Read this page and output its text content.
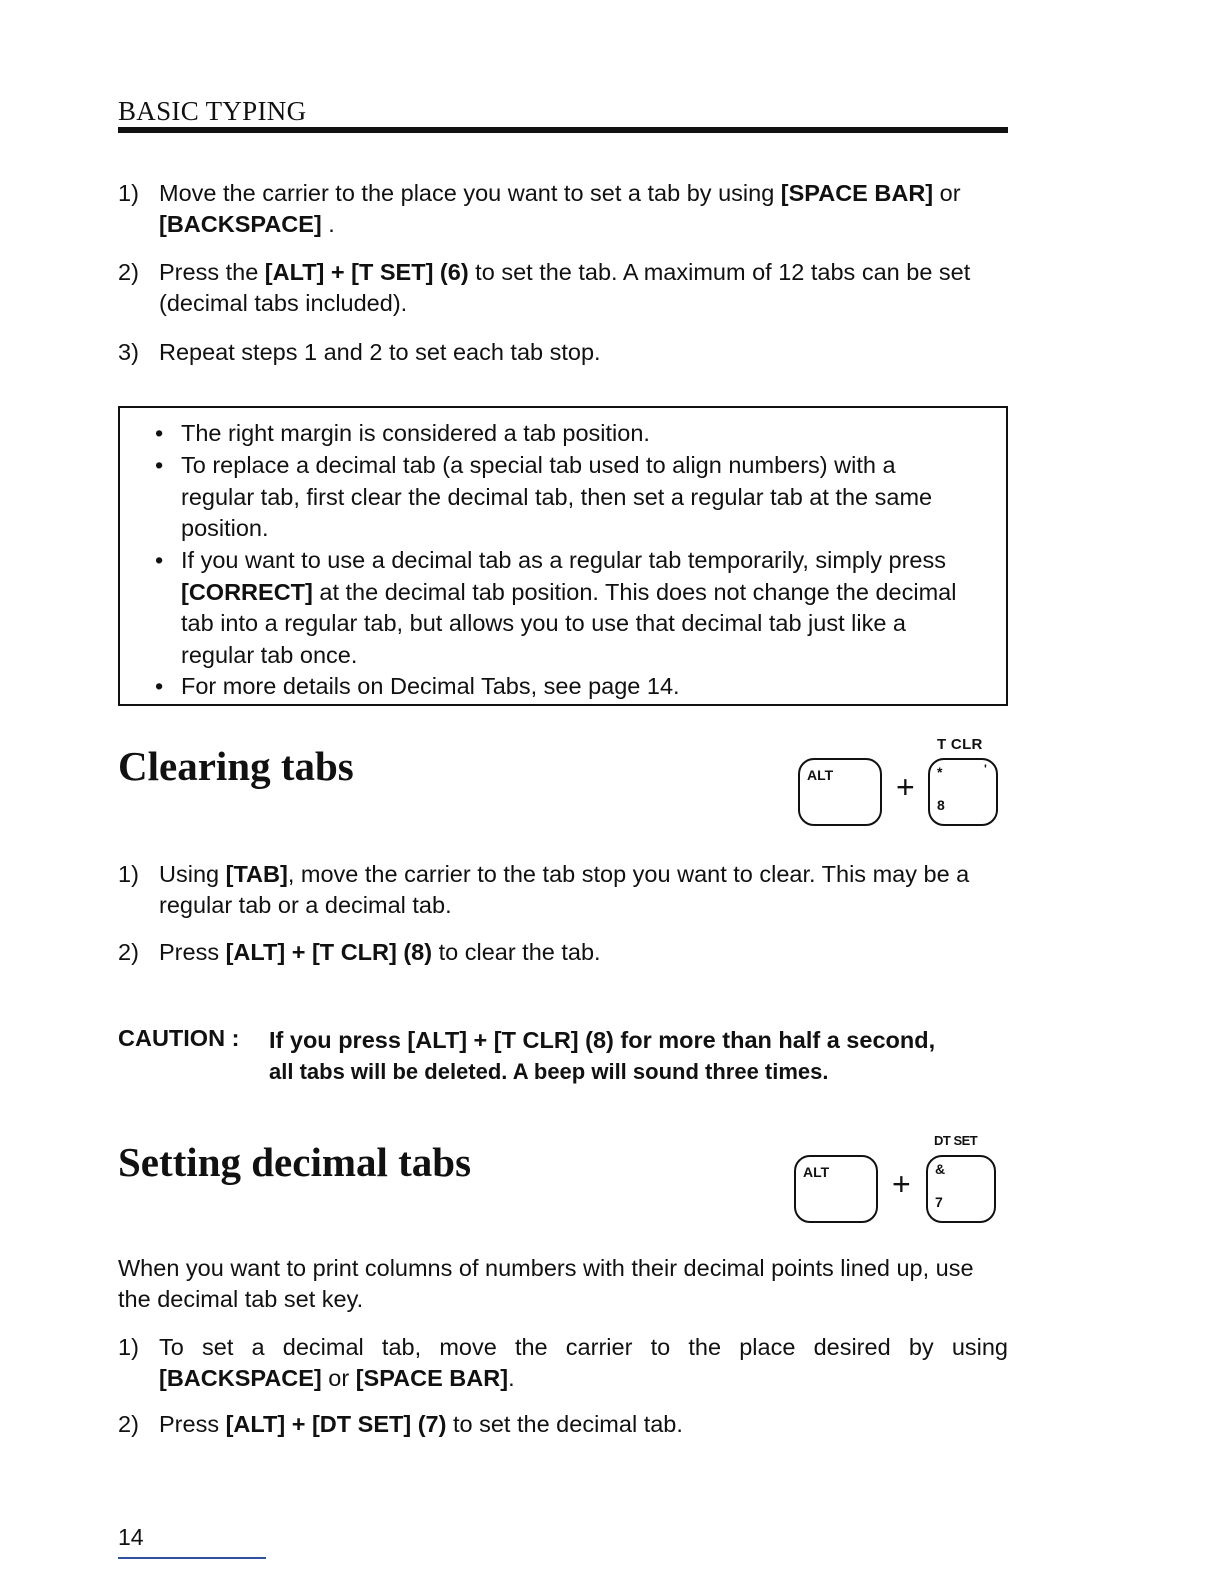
BASIC TYPING
1) Move the carrier to the place you want to set a tab by using [SPACE BAR] or [BACKSPACE] .
2) Press the [ALT] + [T SET] (6) to set the tab. A maximum of 12 tabs can be set (decimal tabs included).
3) Repeat steps 1 and 2 to set each tab stop.
• The right margin is considered a tab position.
• To replace a decimal tab (a special tab used to align numbers) with a regular tab, first clear the decimal tab, then set a regular tab at the same position.
• If you want to use a decimal tab as a regular tab temporarily, simply press [CORRECT] at the decimal tab position. This does not change the decimal tab into a regular tab, but allows you to use that decimal tab just like a regular tab once.
• For more details on Decimal Tabs, see page 14.
Clearing tabs	T CLR
ALT + *	'
8
1) Using [TAB], move the carrier to the tab stop you want to clear. This may be a regular tab or a decimal tab.
2) Press [ALT] + [T CLR] (8) to clear the tab.
CAUTION : If you press [ALT] + [T CLR] (8) for more than half a second,
all tabs will be deleted. A beep will sound three times.
Setting decimal tabs	DT SET
ALT + &
7
When you want to print columns of numbers with their decimal points lined up, use the decimal tab set key.
1) To set a decimal tab, move the carrier to the place desired by using [BACKSPACE] or [SPACE BAR].
2) Press [ALT] + [DT SET] (7) to set the decimal tab.
14
